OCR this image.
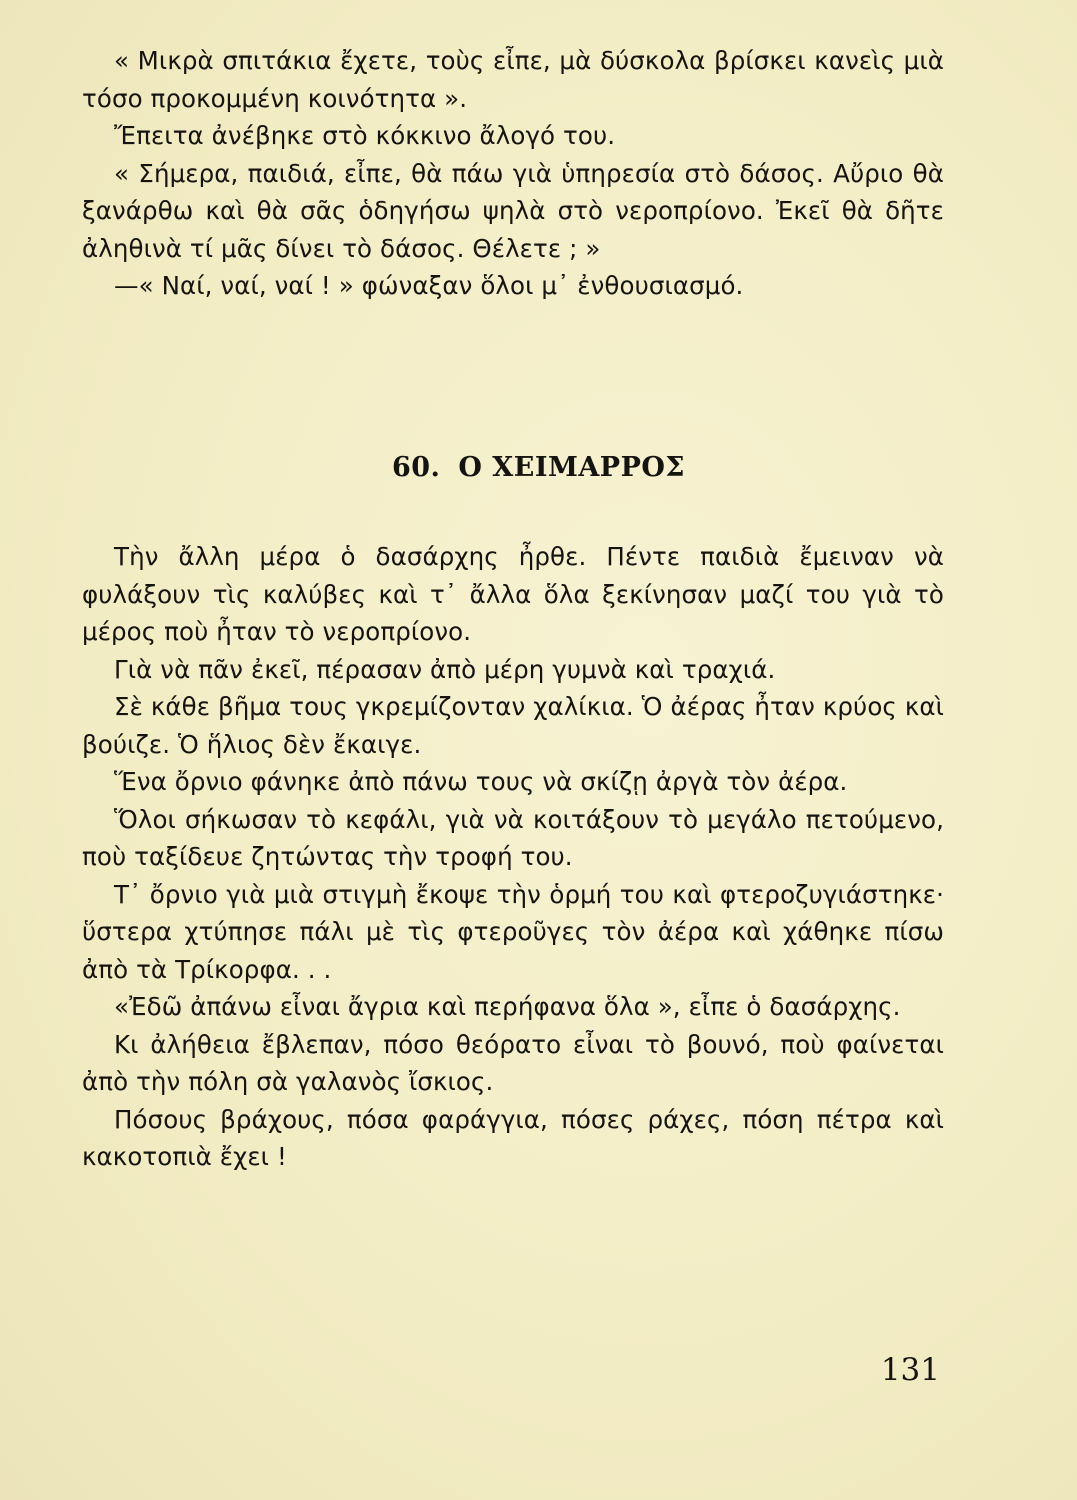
« Μικρὰ σπιτάκια ἔχετε, τοὺς εἶπε, μὰ δύσκολα βρίσκει κανεὶς μιὰ τόσο προκομμένη κοινότητα ».

Ἔπειτα ἀνέβηκε στὸ κόκκινο ἄλογό του.

« Σήμερα, παιδιά, εἶπε, θὰ πάω γιὰ ὑπηρεσία στὸ δάσος. Αὔριο θὰ ξανάρθω καὶ θὰ σᾶς ὁδηγήσω ψηλὰ στὸ νεροπρίονο. Ἐκεῖ θὰ δῆτε ἀληθινὰ τί μᾶς δίνει τὸ δάσος. Θέλετε ; »

—« Ναί, ναί, ναί ! » φώναξαν ὅλοι μ᾽ ἐνθουσιασμό.

60. Ο ΧΕΙΜΑΡΡΟΣ

Τὴν ἄλλη μέρα ὁ δασάρχης ἦρθε. Πέντε παιδιὰ ἔμειναν νὰ φυλάξουν τὶς καλύβες καὶ τ᾽ ἄλλα ὅλα ξεκίνησαν μαζί του γιὰ τὸ μέρος ποὺ ἦταν τὸ νεροπρίονο.

Γιὰ νὰ πᾶν ἐκεῖ, πέρασαν ἀπὸ μέρη γυμνὰ καὶ τραχιά.

Σὲ κάθε βῆμα τους γκρεμίζονταν χαλίκια. Ὁ ἀέρας ἦταν κρύος καὶ βούιζε. Ὁ ἥλιος δὲν ἔκαιγε.

Ἕνα ὄρνιο φάνηκε ἀπὸ πάνω τους νὰ σκίζῃ ἀργὰ τὸν ἀέρα.

Ὅλοι σήκωσαν τὸ κεφάλι, γιὰ νὰ κοιτάξουν τὸ μεγάλο πετούμενο, ποὺ ταξίδευε ζητώντας τὴν τροφή του.

Τ᾽ ὄρνιο γιὰ μιὰ στιγμὴ ἔκοψε τὴν ὁρμή του καὶ φτεροζυγιάστηκε· ὕστερα χτύπησε πάλι μὲ τὶς φτεροῦγες τὸν ἀέρα καὶ χάθηκε πίσω ἀπὸ τὰ Τρίκορφα. . .

«Ἐδῶ ἀπάνω εἶναι ἄγρια καὶ περήφανα ὅλα », εἶπε ὁ δασάρχης.

Κι ἀλήθεια ἔβλεπαν, πόσο θεόρατο εἶναι τὸ βουνό, ποὺ φαίνεται ἀπὸ τὴν πόλη σὰ γαλανὸς ἴσκιος.

Πόσους βράχους, πόσα φαράγγια, πόσες ράχες, πόση πέτρα καὶ κακοτοπιὰ ἔχει !

131
